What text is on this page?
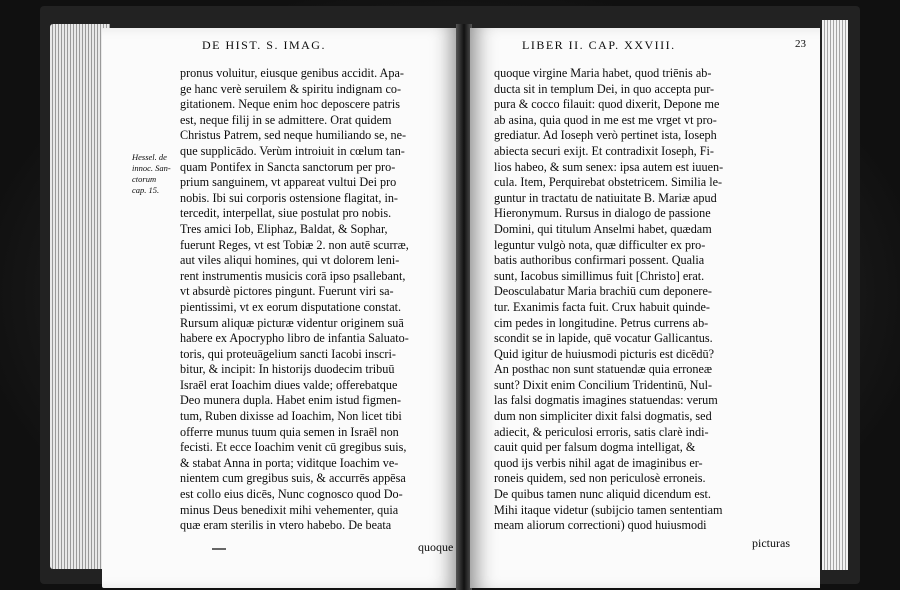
DE HIST. S. IMAG.
Hessel. de
innoc. San-
ctorum
cap. 15.
pronus voluitur, eiusque genibus accidit. Apa-
ge hanc verè seruilem & spiritu indignam co-
gitationem. Neque enim hoc deposcere patris
est, neque filij in se admittere. Orat quidem
Christus Patrem, sed neque humiliando se, ne-
que supplicādo. Verùm introiuit in cœlum tan-
quam Pontifex in Sancta sanctorum per pro-
prium sanguinem, vt appareat vultui Dei pro
nobis. Ibi sui corporis ostensione flagitat, in-
tercedit, interpellat, siue postulat pro nobis.
Tres amici Iob, Eliphaz, Baldat, & Sophar,
fuerunt Reges, vt est Tobiæ 2. non autē scurræ,
aut viles aliqui homines, qui vt dolorem leni-
rent instrumentis musicis corā ipso psallebant,
vt absurdè pictores pingunt. Fuerunt viri sa-
pientissimi, vt ex eorum disputatione constat.
Rursum aliquæ picturæ videntur originem suā
habere ex Apocrypho libro de infantia Saluato-
toris, qui proteuāgelium sancti Iacobi inscri-
bitur, & incipit: In historijs duodecim tribuū
Israēl erat Ioachim diues valde; offerebatque
Deo munera dupla. Habet enim istud figmen-
tum, Ruben dixisse ad Ioachim, Non licet tibi
offerre munus tuum quia semen in Israēl non
fecisti. Et ecce Ioachim venit cū gregibus suis,
& stabat Anna in porta; viditque Ioachim ve-
nientem cum gregibus suis, & accurrēs appēsa
est collo eius dicēs, Nunc cognosco quod Do-
minus Deus benedixit mihi vehementer, quia
quæ eram sterilis in vtero habebo. De beata
quoque
LIBER II. CAP. XXVIII.	23
quoque virgine Maria habet, quod triēnis ab-
ducta sit in templum Dei, in quo accepta pur-
pura & cocco filauit: quod dixerit, Depone me
ab asina, quia quod in me est me vrget vt pro-
grediatur. Ad Ioseph verò pertinet ista, Ioseph
abiecta securi exijt. Et contradixit Ioseph, Fi-
lios habeo, & sum senex: ipsa autem est iuuen-
cula. Item, Perquirebat obstetricem. Similia le-
guntur in tractatu de natiuitate B. Mariæ apud
Hieronymum. Rursus in dialogo de passione
Domini, qui titulum Anselmi habet, quædam
leguntur vulgò nota, quæ difficulter ex pro-
batis authoribus confirmari possent. Qualia
sunt, Iacobus simillimus fuit [Christo] erat.
Deosculabatur Maria brachiū cum deponere-
tur. Exanimis facta fuit. Crux habuit quinde-
cim pedes in longitudine. Petrus currens ab-
scondit se in lapide, quē vocatur Gallicantus.
Quid igitur de huiusmodi picturis est dicēdū?
An posthac non sunt statuendæ quia erroneæ
sunt? Dixit enim Concilium Tridentinū, Nul-
las falsi dogmatis imagines statuendas: verum
dum non simpliciter dixit falsi dogmatis, sed
adiecit, & periculosi erroris, satis clarè indi-
cauit quid per falsum dogma intelligat, &
quod ijs verbis nihil agat de imaginibus er-
roneis quidem, sed non periculosè erroneis.
De quibus tamen nunc aliquid dicendum est.
Mihi itaque videtur (subijcio tamen sententiam
meam aliorum correctioni) quod huiusmodi
picturas
